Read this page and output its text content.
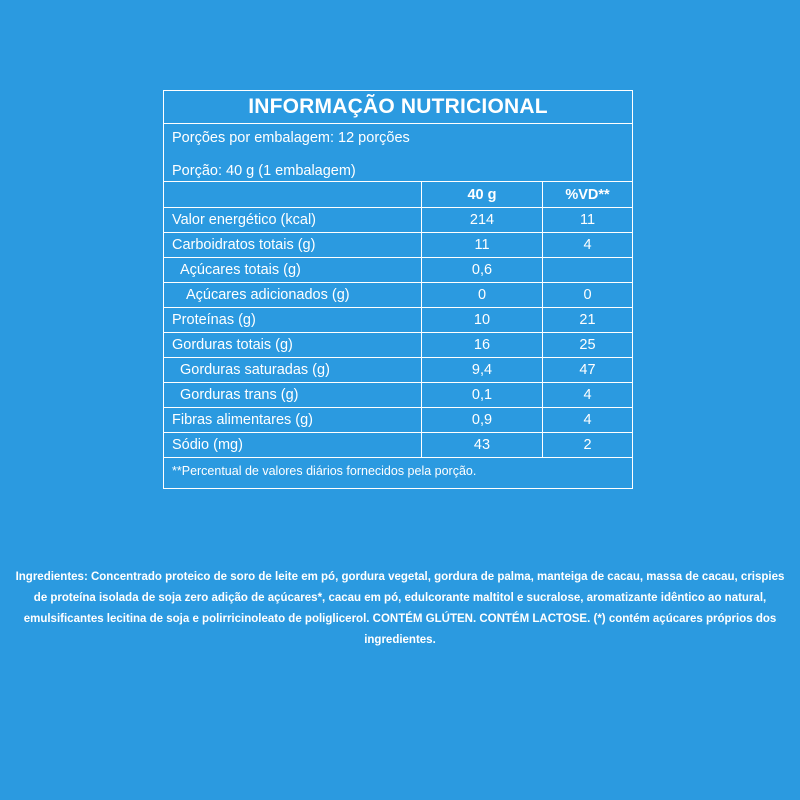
INFORMAÇÃO NUTRICIONAL
Porções por embalagem: 12 porções
Porção: 40 g (1 embalagem)
	40 g	%VD**
Valor energético (kcal)	214	11
Carboidratos totais (g)	11	4
Açúcares totais (g)	0,6	
Açúcares adicionados (g)	0	0
Proteínas (g)	10	21
Gorduras totais (g)	16	25
Gorduras saturadas (g)	9,4	47
Gorduras trans (g)	0,1	4
Fibras alimentares (g)	0,9	4
Sódio (mg)	43	2
**Percentual de valores diários fornecidos pela porção.
Ingredientes: Concentrado proteico de soro de leite em pó, gordura vegetal, gordura de palma, manteiga de cacau, massa de cacau, crispies de proteína isolada de soja zero adição de açúcares*, cacau em pó, edulcorante maltitol e sucralose, aromatizante idêntico ao natural, emulsificantes lecitina de soja e polirricinoleato de poliglicerol. CONTÉM GLÚTEN. CONTÉM LACTOSE. (*) contém açúcares próprios dos ingredientes.
